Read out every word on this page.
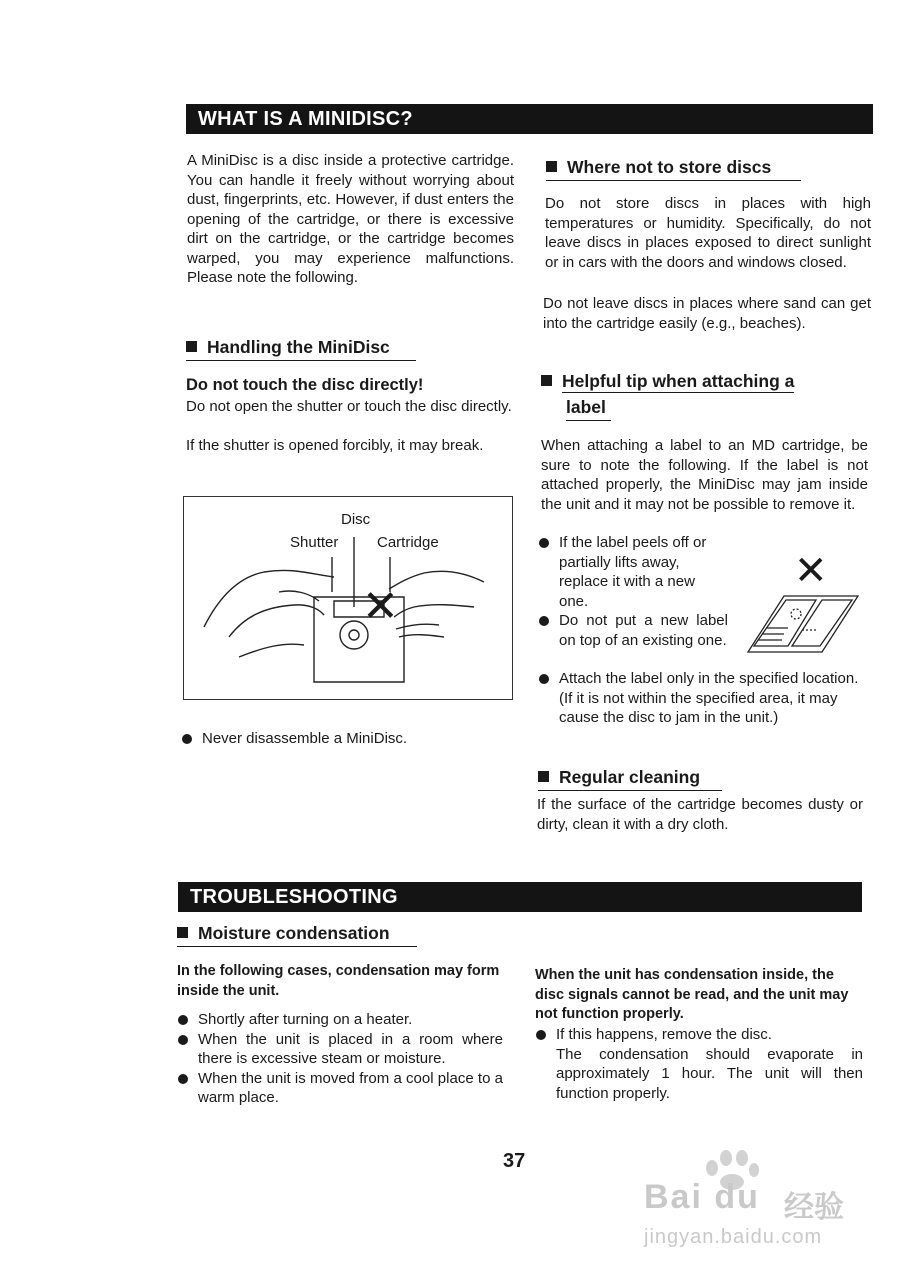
WHAT IS A MINIDISC?

A MiniDisc is a disc inside a protective cartridge. You can handle it freely without worrying about dust, fingerprints, etc. However, if dust enters the opening of the cartridge, or there is excessive dirt on the cartridge, or the cartridge becomes warped, you may experience malfunctions. Please note the following.

Handling the MiniDisc
Do not touch the disc directly!

Do not open the shutter or touch the disc directly.

If the shutter is opened forcibly, it may break.

Disc
Shutter	Cartridge
✕
Never disassemble a MiniDisc.
Where not to store discs

Do not store discs in places with high temperatures or humidity. Specifically, do not leave discs in places exposed to direct sunlight or in cars with the doors and windows closed.

Do not leave discs in places where sand can get into the cartridge easily (e.g., beaches).

Helpful tip when attaching a
label

When attaching a label to an MD cartridge, be sure to note the following. If the label is not attached properly, the MiniDisc may jam inside the unit and it may not be possible to remove it.

If the label peels off or partially lifts away, replace it with a new one.
Do not put a new label on top of an existing one.
Attach the label only in the specified location. (If it is not within the specified area, it may cause the disc to jam in the unit.)
✕
Regular cleaning

If the surface of the cartridge becomes dusty or dirty, clean it with a dry cloth.

TROUBLESHOOTING
Moisture condensation

In the following cases, condensation may form inside the unit.

Shortly after turning on a heater.
When the unit is placed in a room where there is excessive steam or moisture.
When the unit is moved from a cool place to a warm place.

When the unit has condensation inside, the disc signals cannot be read, and the unit may not function properly.

If this happens, remove the disc.
The condensation should evaporate in approximately 1 hour. The unit will then function properly.
37
Bai du 经验
jingyan.baidu.com
